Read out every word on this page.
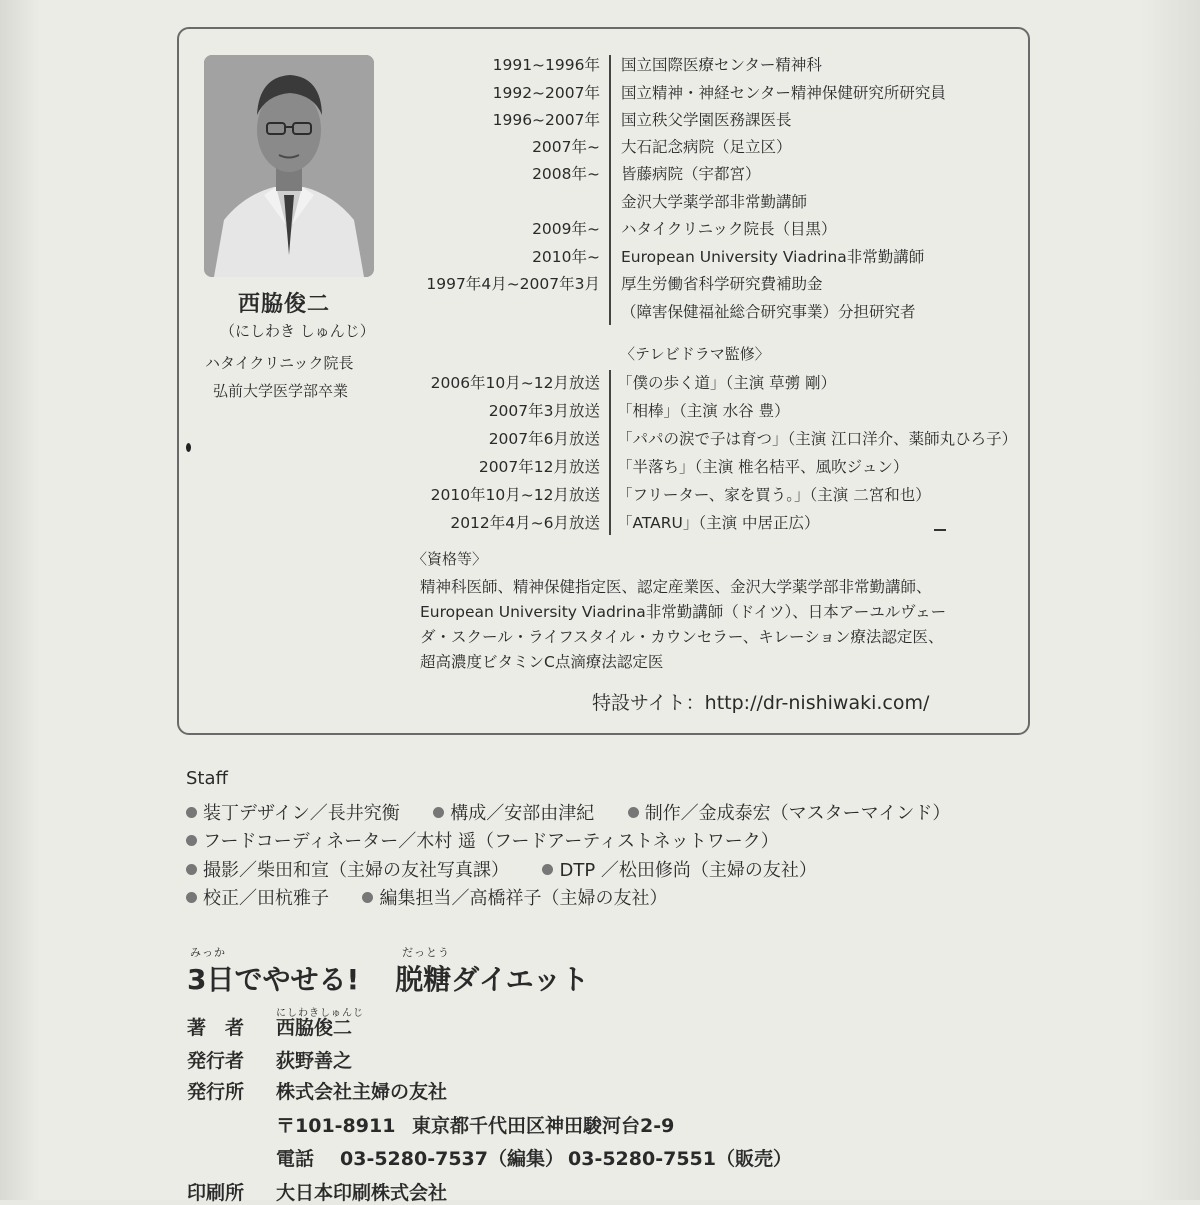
西脇俊二
（にしわき しゅんじ）
ハタイクリニック院長
弘前大学医学部卒業
1991~1996年 国立国際医療センター精神科
1992~2007年 国立精神・神経センター精神保健研究所研究員
1996~2007年 国立秩父学園医務課医長
2007年~ 大石記念病院（足立区）
2008年~ 皆藤病院（宇都宮）
金沢大学薬学部非常勤講師
2009年~ ハタイクリニック院長（目黒）
2010年~ European University Viadrina非常勤講師
1997年4月~2007年3月 厚生労働省科学研究費補助金
（障害保健福祉総合研究事業）分担研究者
〈テレビドラマ監修〉
2006年10月~12月放送 「僕の歩く道」（主演 草彅 剛）
2007年3月放送 「相棒」（主演 水谷 豊）
2007年6月放送 「パパの涙で子は育つ」（主演 江口洋介、薬師丸ひろ子）
2007年12月放送 「半落ち」（主演 椎名桔平、風吹ジュン）
2010年10月~12月放送 「フリーター、家を買う。」（主演 二宮和也）
2012年4月~6月放送 「ATARU」（主演 中居正広）
〈資格等〉
精神科医師、精神保健指定医、認定産業医、金沢大学薬学部非常勤講師、
European University Viadrina非常勤講師（ドイツ）、日本アーユルヴェー
ダ・スクール・ライフスタイル・カウンセラー、キレーション療法認定医、
超高濃度ビタミンC点滴療法認定医
特設サイト：http://dr-nishiwaki.com/
Staff
装丁デザイン／長井究衡	構成／安部由津紀	制作／金成泰宏（マスターマインド）
フードコーディネーター／木村 遥（フードアーティストネットワーク）
撮影／柴田和宣（主婦の友社写真課）	DTP ／松田修尚（主婦の友社）
校正／田杭雅子	編集担当／高橋祥子（主婦の友社）
みっか	だっとう
3日でやせる! 脱糖ダイエット
にしわきしゅんじ
著　者 西脇俊二
発行者 荻野善之
発行所 株式会社主婦の友社
〒101-8911 東京都千代田区神田駿河台2-9
電話 03-5280-7537（編集） 03-5280-7551（販売）
印刷所 大日本印刷株式会社
